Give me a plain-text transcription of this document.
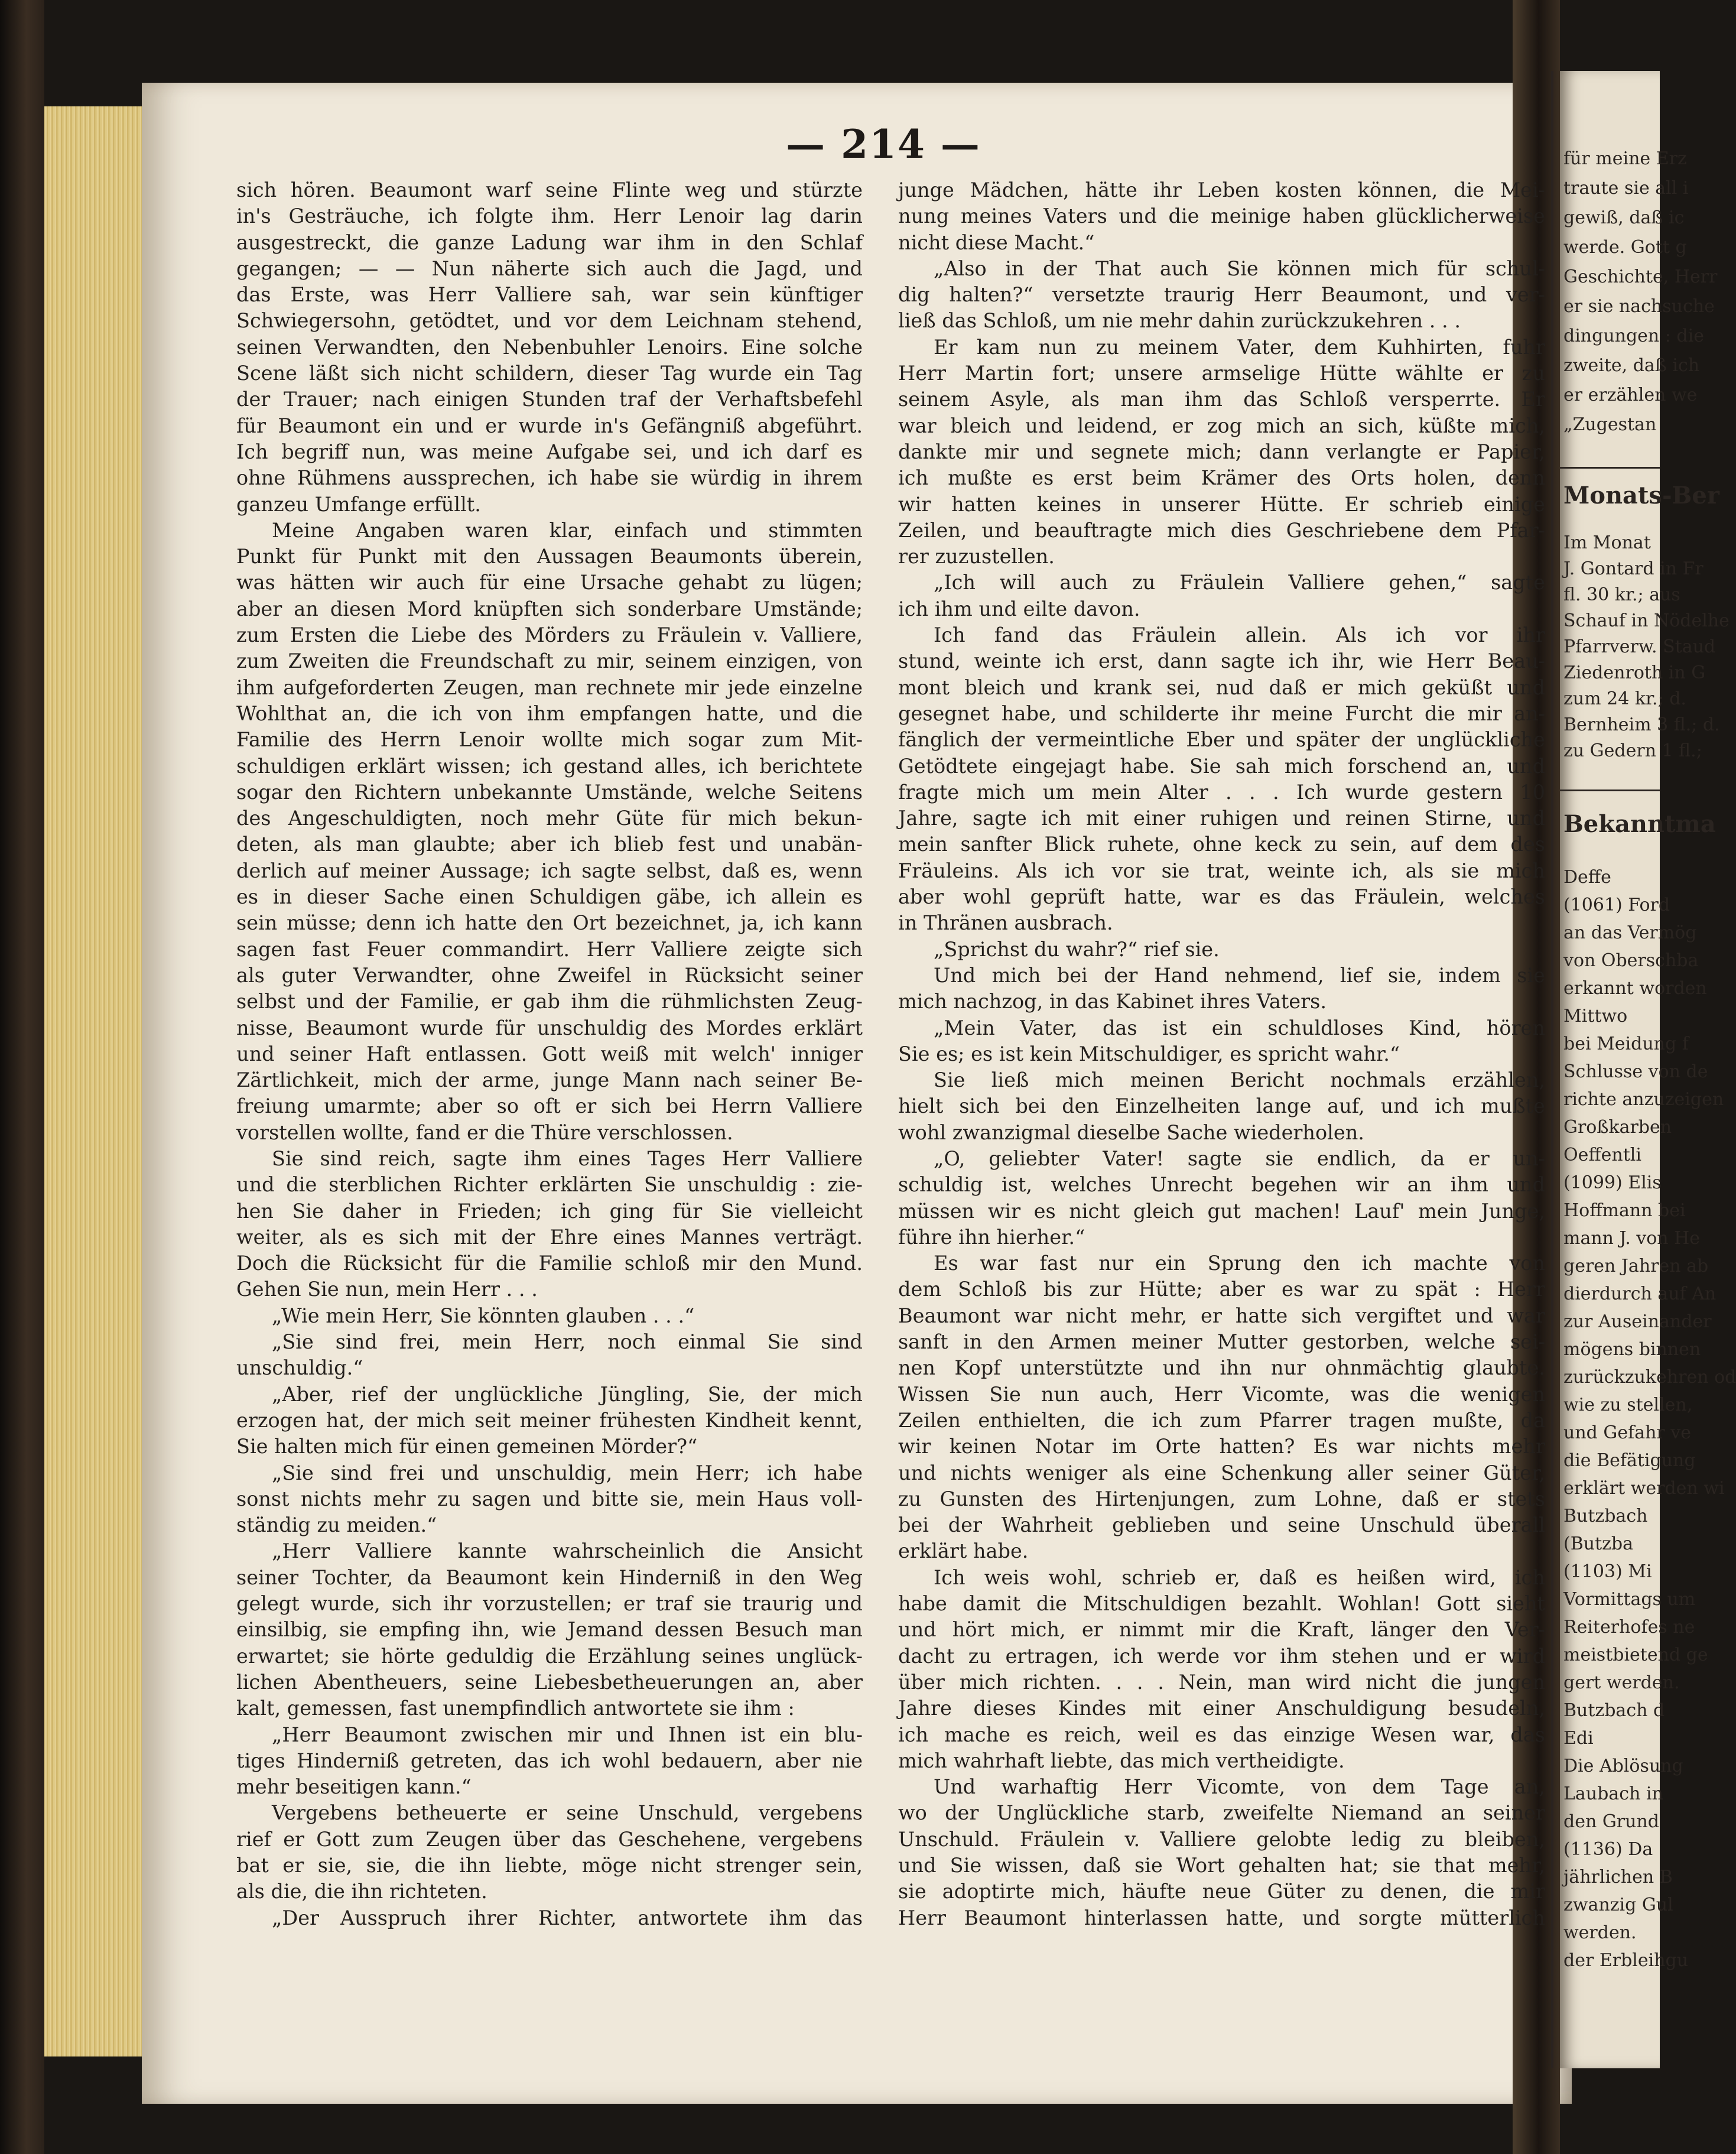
für meine Erz
traute sie all i
gewiß, daß ic
werde. Gott g
Geschichte, Herr
er sie nachsuche
dingungen : die
zweite, daß ich
er erzählen we
„Zugestan
Monats-Ber
Im Monat
J. Gontard in Fr
fl. 30 kr.; aus
Schauf in Nödelhe
Pfarrverw. Staud
Ziedenroth in G
zum 24 kr.; d.
Bernheim 3 fl.; d.
zu Gedern 1 fl.;
Bekanntma
Deffe
(1061) Ford
an das Vermög
von Oberschba
erkannt worden
Mittwo
bei Meidung f
Schlusse von de
richte anzuzeigen
Großkarben
Oeffentli
(1099) Elis
Hoffmann bei
mann J. von He
geren Jahren ab
dierdurch auf An
zur Auseinander
mögens binnen
zurückzukehren od
wie zu stellen,
und Gefahr ve
die Befätigung
erklärt werden wi
Butzbach
(Butzba
(1103) Mi
Vormittags um
Reiterhofes ne
meistbietend ge
gert werden.
Butzbach d
Edi
Die Ablösung
Laubach in
den Grund
(1136) Da
jährlichen B
zwanzig Gul
werden.
der Erbleihgu
— 214 —
sich hören. Beaumont warf seine Flinte weg und stürzte
in's Gesträuche, ich folgte ihm. Herr Lenoir lag darin
ausgestreckt, die ganze Ladung war ihm in den Schlaf
gegangen; — — Nun näherte sich auch die Jagd, und
das Erste, was Herr Valliere sah, war sein künftiger
Schwiegersohn, getödtet, und vor dem Leichnam stehend,
seinen Verwandten, den Nebenbuhler Lenoirs. Eine solche
Scene läßt sich nicht schildern, dieser Tag wurde ein Tag
der Trauer; nach einigen Stunden traf der Verhaftsbefehl
für Beaumont ein und er wurde in's Gefängniß abgeführt.
Ich begriff nun, was meine Aufgabe sei, und ich darf es
ohne Rühmens aussprechen, ich habe sie würdig in ihrem
ganzeu Umfange erfüllt.
Meine Angaben waren klar, einfach und stimmten
Punkt für Punkt mit den Aussagen Beaumonts überein,
was hätten wir auch für eine Ursache gehabt zu lügen;
aber an diesen Mord knüpften sich sonderbare Umstände;
zum Ersten die Liebe des Mörders zu Fräulein v. Valliere,
zum Zweiten die Freundschaft zu mir, seinem einzigen, von
ihm aufgeforderten Zeugen, man rechnete mir jede einzelne
Wohlthat an, die ich von ihm empfangen hatte, und die
Familie des Herrn Lenoir wollte mich sogar zum Mit-
schuldigen erklärt wissen; ich gestand alles, ich berichtete
sogar den Richtern unbekannte Umstände, welche Seitens
des Angeschuldigten, noch mehr Güte für mich bekun-
deten, als man glaubte; aber ich blieb fest und unabän-
derlich auf meiner Aussage; ich sagte selbst, daß es, wenn
es in dieser Sache einen Schuldigen gäbe, ich allein es
sein müsse; denn ich hatte den Ort bezeichnet, ja, ich kann
sagen fast Feuer commandirt. Herr Valliere zeigte sich
als guter Verwandter, ohne Zweifel in Rücksicht seiner
selbst und der Familie, er gab ihm die rühmlichsten Zeug-
nisse, Beaumont wurde für unschuldig des Mordes erklärt
und seiner Haft entlassen. Gott weiß mit welch' inniger
Zärtlichkeit, mich der arme, junge Mann nach seiner Be-
freiung umarmte; aber so oft er sich bei Herrn Valliere
vorstellen wollte, fand er die Thüre verschlossen.
Sie sind reich, sagte ihm eines Tages Herr Valliere
und die sterblichen Richter erklärten Sie unschuldig : zie-
hen Sie daher in Frieden; ich ging für Sie vielleicht
weiter, als es sich mit der Ehre eines Mannes verträgt.
Doch die Rücksicht für die Familie schloß mir den Mund.
Gehen Sie nun, mein Herr . . .
„Wie mein Herr, Sie könnten glauben . . .“
„Sie sind frei, mein Herr, noch einmal Sie sind
unschuldig.“
„Aber, rief der unglückliche Jüngling, Sie, der mich
erzogen hat, der mich seit meiner frühesten Kindheit kennt,
Sie halten mich für einen gemeinen Mörder?“
„Sie sind frei und unschuldig, mein Herr; ich habe
sonst nichts mehr zu sagen und bitte sie, mein Haus voll-
ständig zu meiden.“
„Herr Valliere kannte wahrscheinlich die Ansicht
seiner Tochter, da Beaumont kein Hinderniß in den Weg
gelegt wurde, sich ihr vorzustellen; er traf sie traurig und
einsilbig, sie empfing ihn, wie Jemand dessen Besuch man
erwartet; sie hörte geduldig die Erzählung seines unglück-
lichen Abentheuers, seine Liebesbetheuerungen an, aber
kalt, gemessen, fast unempfindlich antwortete sie ihm :
„Herr Beaumont zwischen mir und Ihnen ist ein blu-
tiges Hinderniß getreten, das ich wohl bedauern, aber nie
mehr beseitigen kann.“
Vergebens betheuerte er seine Unschuld, vergebens
rief er Gott zum Zeugen über das Geschehene, vergebens
bat er sie, sie, die ihn liebte, möge nicht strenger sein,
als die, die ihn richteten.
„Der Ausspruch ihrer Richter, antwortete ihm das
junge Mädchen, hätte ihr Leben kosten können, die Mei-
nung meines Vaters und die meinige haben glücklicherweise
nicht diese Macht.“
„Also in der That auch Sie können mich für schul-
dig halten?“ versetzte traurig Herr Beaumont, und ver-
ließ das Schloß, um nie mehr dahin zurückzukehren . . .
Er kam nun zu meinem Vater, dem Kuhhirten, fuhr
Herr Martin fort; unsere armselige Hütte wählte er zu
seinem Asyle, als man ihm das Schloß versperrte. Er
war bleich und leidend, er zog mich an sich, küßte mich,
dankte mir und segnete mich; dann verlangte er Papier,
ich mußte es erst beim Krämer des Orts holen, denn
wir hatten keines in unserer Hütte. Er schrieb einige
Zeilen, und beauftragte mich dies Geschriebene dem Pfar-
rer zuzustellen.
„Ich will auch zu Fräulein Valliere gehen,“ sagte
ich ihm und eilte davon.
Ich fand das Fräulein allein. Als ich vor ihr
stund, weinte ich erst, dann sagte ich ihr, wie Herr Beau-
mont bleich und krank sei, nud daß er mich geküßt und
gesegnet habe, und schilderte ihr meine Furcht die mir an-
fänglich der vermeintliche Eber und später der unglückliche
Getödtete eingejagt habe. Sie sah mich forschend an, und
fragte mich um mein Alter . . . Ich wurde gestern 10
Jahre, sagte ich mit einer ruhigen und reinen Stirne, und
mein sanfter Blick ruhete, ohne keck zu sein, auf dem des
Fräuleins. Als ich vor sie trat, weinte ich, als sie mich
aber wohl geprüft hatte, war es das Fräulein, welches
in Thränen ausbrach.
„Sprichst du wahr?“ rief sie.
Und mich bei der Hand nehmend, lief sie, indem sie
mich nachzog, in das Kabinet ihres Vaters.
„Mein Vater, das ist ein schuldloses Kind, hören
Sie es; es ist kein Mitschuldiger, es spricht wahr.“
Sie ließ mich meinen Bericht nochmals erzählen,
hielt sich bei den Einzelheiten lange auf, und ich mußte
wohl zwanzigmal dieselbe Sache wiederholen.
„O, geliebter Vater! sagte sie endlich, da er un-
schuldig ist, welches Unrecht begehen wir an ihm und
müssen wir es nicht gleich gut machen! Lauf' mein Junge,
führe ihn hierher.“
Es war fast nur ein Sprung den ich machte von
dem Schloß bis zur Hütte; aber es war zu spät : Herr
Beaumont war nicht mehr, er hatte sich vergiftet und war
sanft in den Armen meiner Mutter gestorben, welche sei-
nen Kopf unterstützte und ihn nur ohnmächtig glaubte.
Wissen Sie nun auch, Herr Vicomte, was die wenigen
Zeilen enthielten, die ich zum Pfarrer tragen mußte, da
wir keinen Notar im Orte hatten? Es war nichts mehr
und nichts weniger als eine Schenkung aller seiner Güter,
zu Gunsten des Hirtenjungen, zum Lohne, daß er stets
bei der Wahrheit geblieben und seine Unschuld überall
erklärt habe.
Ich weis wohl, schrieb er, daß es heißen wird, ich
habe damit die Mitschuldigen bezahlt. Wohlan! Gott sieht
und hört mich, er nimmt mir die Kraft, länger den Ver-
dacht zu ertragen, ich werde vor ihm stehen und er wird
über mich richten. . . . Nein, man wird nicht die jungen
Jahre dieses Kindes mit einer Anschuldigung besudeln,
ich mache es reich, weil es das einzige Wesen war, das
mich wahrhaft liebte, das mich vertheidigte.
Und warhaftig Herr Vicomte, von dem Tage an,
wo der Unglückliche starb, zweifelte Niemand an seiner
Unschuld. Fräulein v. Valliere gelobte ledig zu bleiben,
und Sie wissen, daß sie Wort gehalten hat; sie that mehr,
sie adoptirte mich, häufte neue Güter zu denen, die mir
Herr Beaumont hinterlassen hatte, und sorgte mütterlich
